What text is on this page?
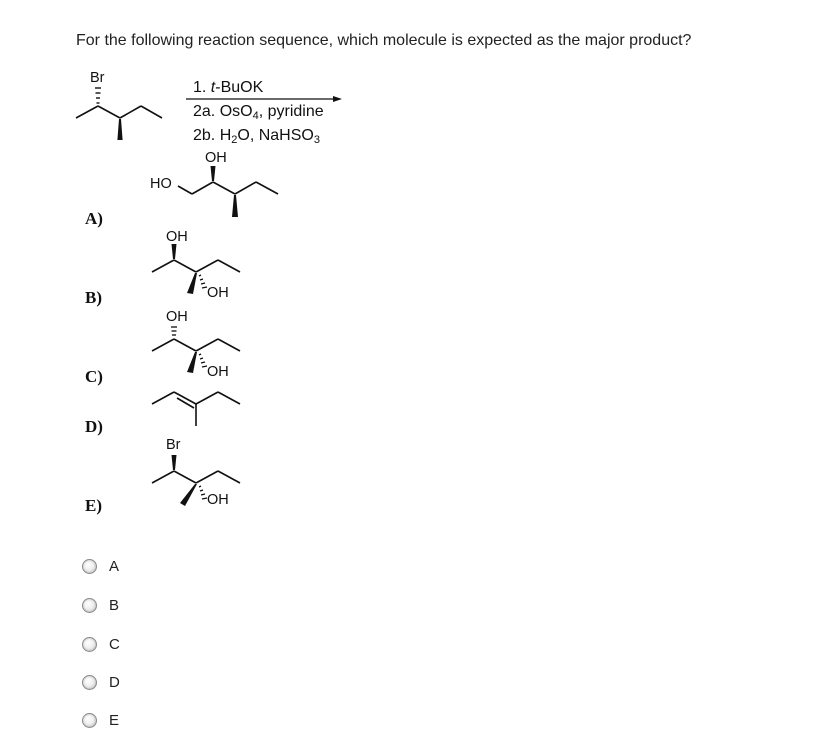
For the following reaction sequence, which molecule is expected as the major product?
Br
1. t-BuOK
2a. OsO$_4$, pyridine
2b. $H_2O$, NaHSO$_3$
A)
B)
C)
D)
E)
OH
HO
OH
OH
OH
OH
Br
OH
A
B
C
D
E
